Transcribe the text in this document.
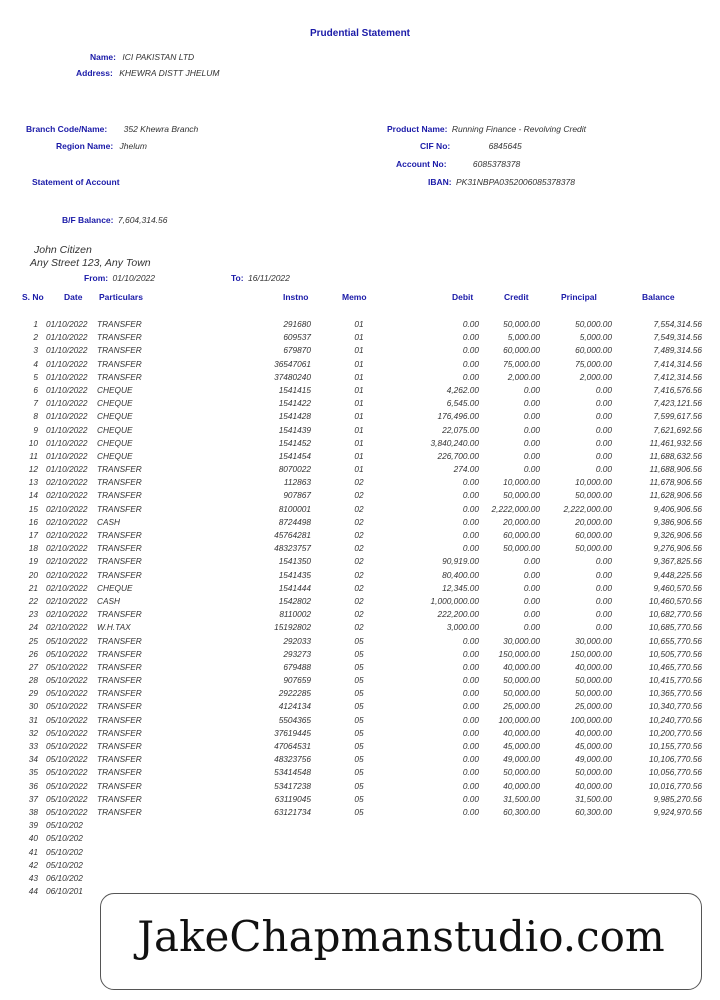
Prudential Statement
Name: ICI PAKISTAN LTD
Address: KHEWRA DISTT JHELUM
Branch Code/Name: 352 Khewra Branch
Region Name: Jhelum
Statement of Account
Product Name: Running Finance - Revolving Credit
CIF No:	6845645
Account No:	6085378378
IBAN: PK31NBPA0352006085378378
B/F Balance: 7,604,314.56
John Citizen
Any Street 123, Any Town
From: 01/10/2022	To: 16/11/2022
S. No Date Particulars	Instno	Memo	Debit	Credit	Principal	Balance
1 01/10/2022 TRANSFER	291680	01	0.00	50,000.00	50,000.00	7,554,314.56
2 01/10/2022 TRANSFER	609537	01	0.00	5,000.00	5,000.00	7,549,314.56
3 01/10/2022 TRANSFER	679870	01	0.00	60,000.00	60,000.00	7,489,314.56
4 01/10/2022 TRANSFER	36547061	01	0.00	75,000.00	75,000.00	7,414,314.56
5 01/10/2022 TRANSFER	37480240	01	0.00	2,000.00	2,000.00	7,412,314.56
6 01/10/2022 CHEQUE	1541415	01	4,262.00	0.00	0.00	7,416,576.56
7 01/10/2022 CHEQUE	1541422	01	6,545.00	0.00	0.00	7,423,121.56
8 01/10/2022 CHEQUE	1541428	01	176,496.00	0.00	0.00	7,599,617.56
9 01/10/2022 CHEQUE	1541439	01	22,075.00	0.00	0.00	7,621,692.56
10 01/10/2022 CHEQUE	1541452	01	3,840,240.00	0.00	0.00	11,461,932.56
11 01/10/2022 CHEQUE	1541454	01	226,700.00	0.00	0.00	11,688,632.56
12 01/10/2022 TRANSFER	8070022	01	274.00	0.00	0.00	11,688,906.56
13 02/10/2022 TRANSFER	112863	02	0.00	10,000.00	10,000.00	11,678,906.56
14 02/10/2022 TRANSFER	907867	02	0.00	50,000.00	50,000.00	11,628,906.56
15 02/10/2022 TRANSFER	8100001	02	0.00	2,222,000.00	2,222,000.00	9,406,906.56
16 02/10/2022 CASH	8724498	02	0.00	20,000.00	20,000.00	9,386,906.56
17 02/10/2022 TRANSFER	45764281	02	0.00	60,000.00	60,000.00	9,326,906.56
18 02/10/2022 TRANSFER	48323757	02	0.00	50,000.00	50,000.00	9,276,906.56
19 02/10/2022 TRANSFER	1541350	02	90,919.00	0.00	0.00	9,367,825.56
20 02/10/2022 TRANSFER	1541435	02	80,400.00	0.00	0.00	9,448,225.56
21 02/10/2022 CHEQUE	1541444	02	12,345.00	0.00	0.00	9,460,570.56
22 02/10/2022 CASH	1542802	02	1,000,000.00	0.00	0.00	10,460,570.56
23 02/10/2022 TRANSFER	8110002	02	222,200.00	0.00	0.00	10,682,770.56
24 02/10/2022 W.H.TAX	15192802	02	3,000.00	0.00	0.00	10,685,770.56
25 05/10/2022 TRANSFER	292033	05	0.00	30,000.00	30,000.00	10,655,770.56
26 05/10/2022 TRANSFER	293273	05	0.00	150,000.00	150,000.00	10,505,770.56
27 05/10/2022 TRANSFER	679488	05	0.00	40,000.00	40,000.00	10,465,770.56
28 05/10/2022 TRANSFER	907659	05	0.00	50,000.00	50,000.00	10,415,770.56
29 05/10/2022 TRANSFER	2922285	05	0.00	50,000.00	50,000.00	10,365,770.56
30 05/10/2022 TRANSFER	4124134	05	0.00	25,000.00	25,000.00	10,340,770.56
31 05/10/2022 TRANSFER	5504365	05	0.00	100,000.00	100,000.00	10,240,770.56
32 05/10/2022 TRANSFER	37619445	05	0.00	40,000.00	40,000.00	10,200,770.56
33 05/10/2022 TRANSFER	47064531	05	0.00	45,000.00	45,000.00	10,155,770.56
34 05/10/2022 TRANSFER	48323756	05	0.00	49,000.00	49,000.00	10,106,770.56
35 05/10/2022 TRANSFER	53414548	05	0.00	50,000.00	50,000.00	10,056,770.56
36 05/10/2022 TRANSFER	53417238	05	0.00	40,000.00	40,000.00	10,016,770.56
37 05/10/2022 TRANSFER	63119045	05	0.00	31,500.00	31,500.00	9,985,270.56
38 05/10/2022 TRANSFER	63121734	05	0.00	60,300.00	60,300.00	9,924,970.56
39 05/10/202
40 05/10/202
41 05/10/202
42 05/10/202
43 06/10/202
44 06/10/201
JakeChapmanstudio.com
